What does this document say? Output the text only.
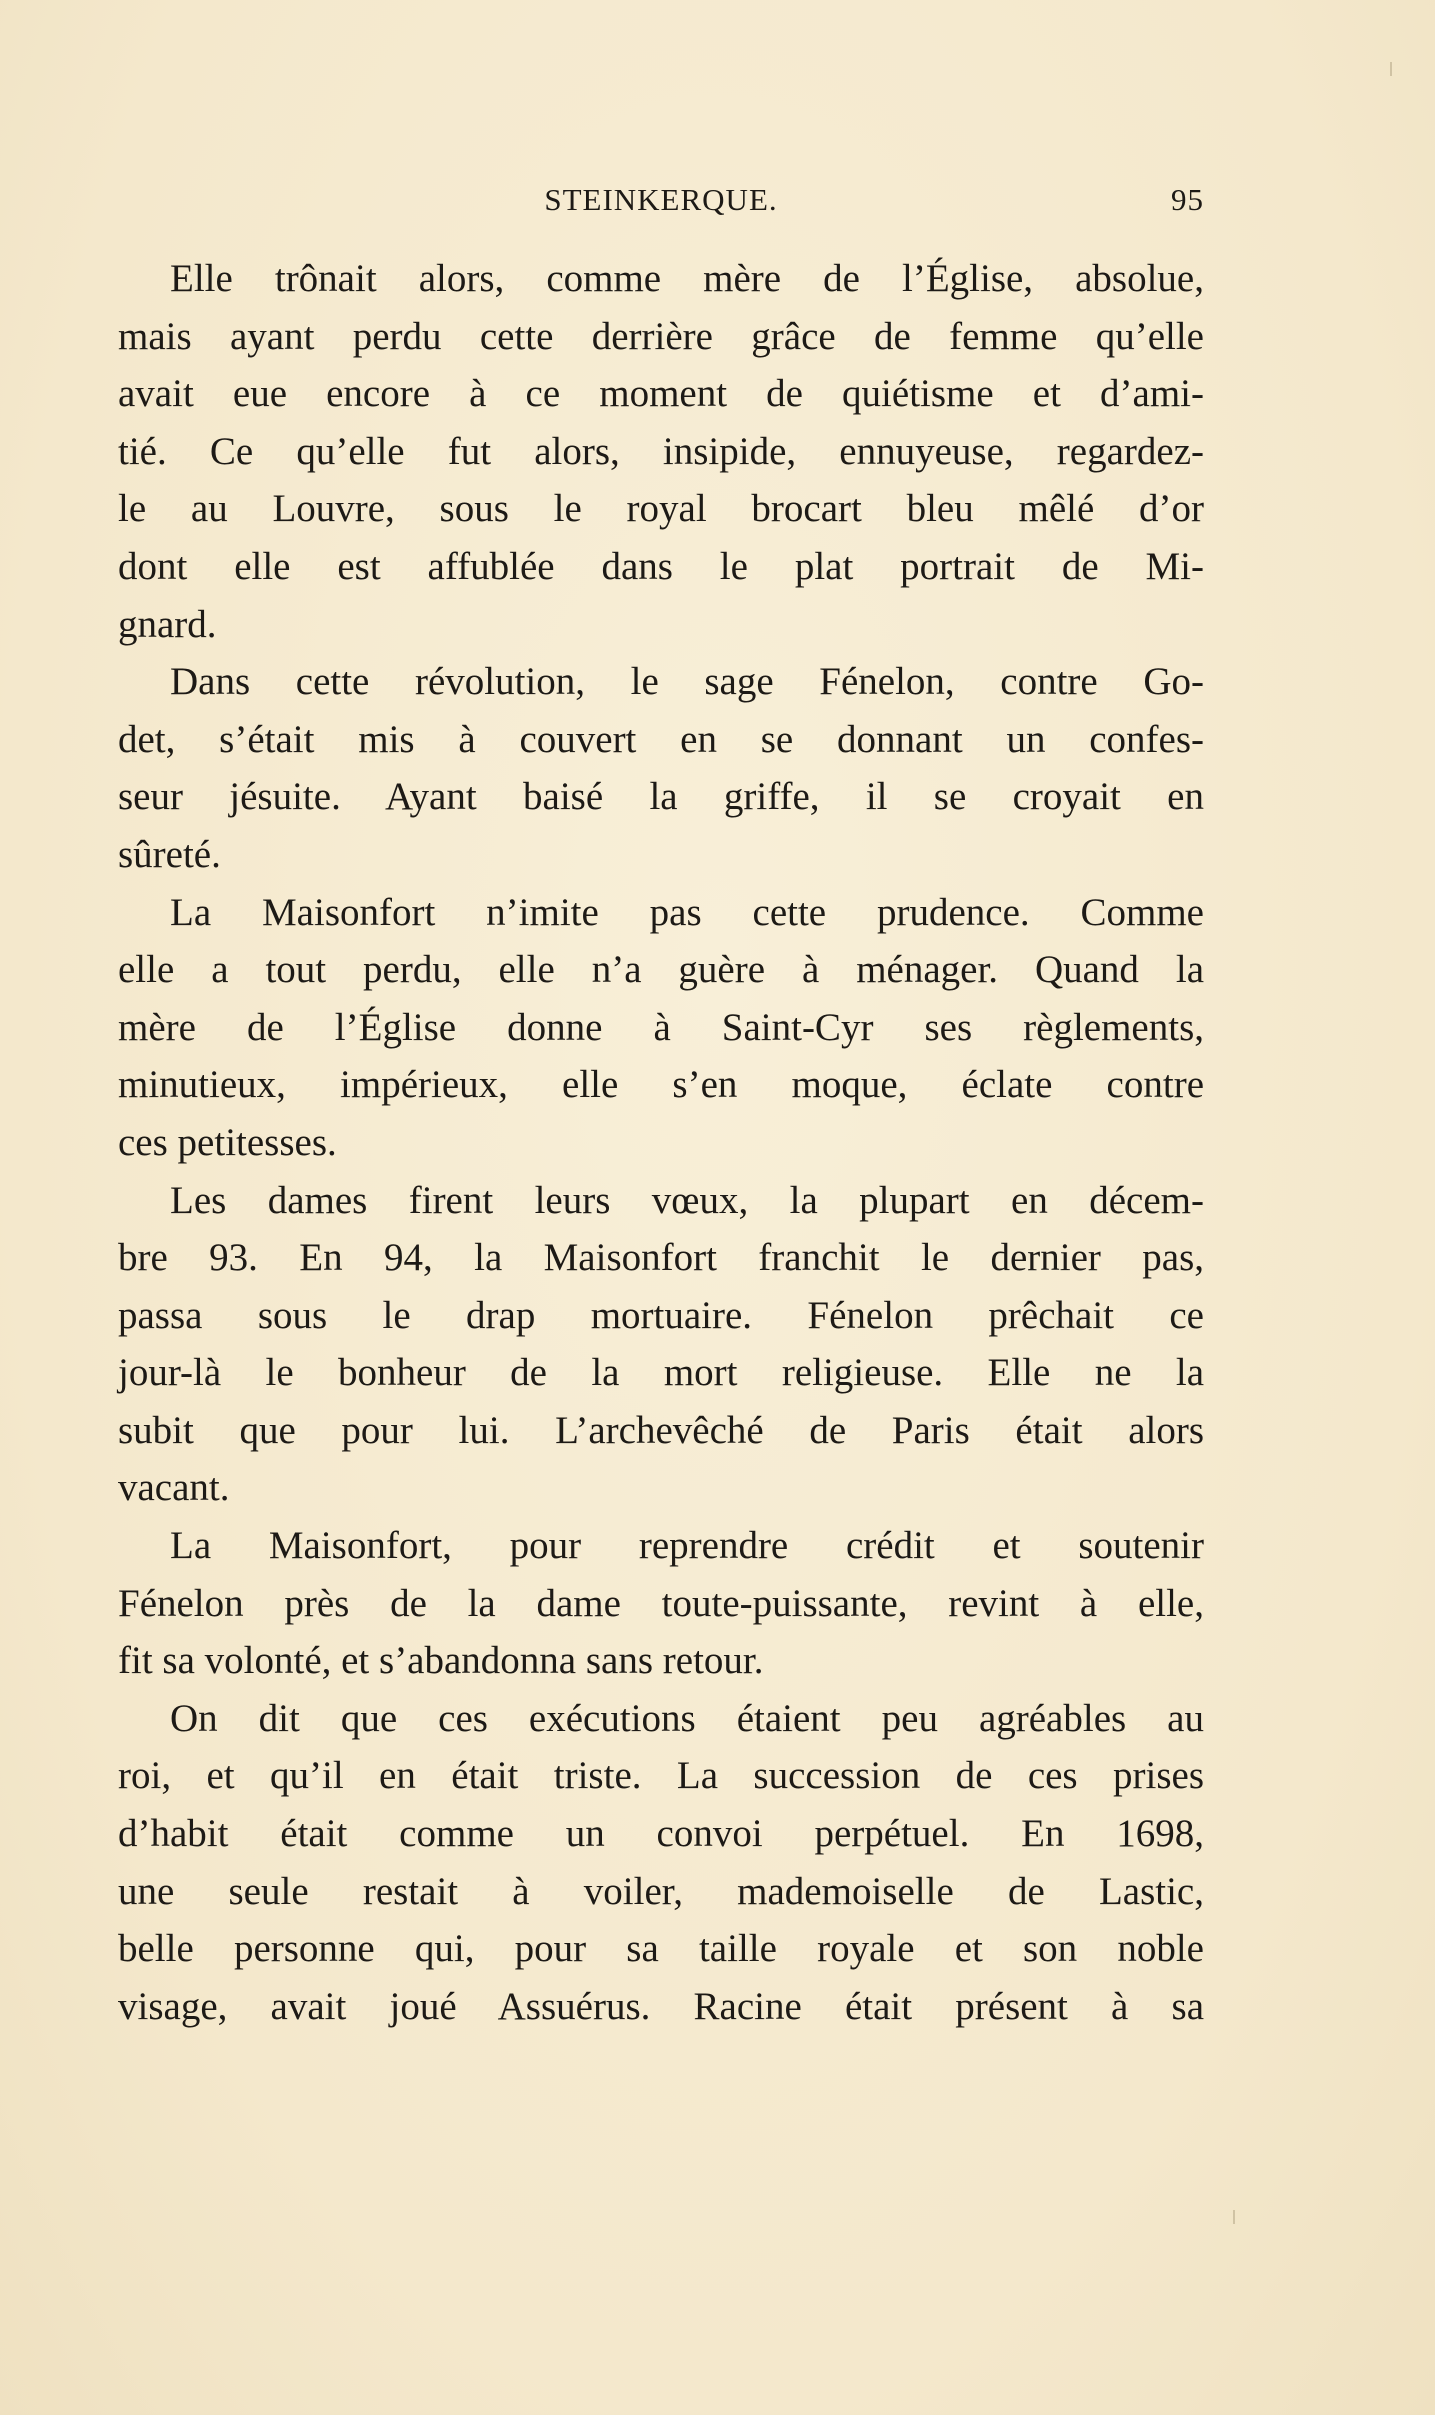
STEINKERQUE.	95
Elle trônait alors, comme mère de l’Église, absolue,
mais ayant perdu cette derrière grâce de femme qu’elle
avait eue encore à ce moment de quiétisme et d’ami-
tié. Ce qu’elle fut alors, insipide, ennuyeuse, regardez-
le au Louvre, sous le royal brocart bleu mêlé d’or
dont elle est affublée dans le plat portrait de Mi-
gnard.
Dans cette révolution, le sage Fénelon, contre Go-
det, s’était mis à couvert en se donnant un confes-
seur jésuite. Ayant baisé la griffe, il se croyait en
sûreté.
La Maisonfort n’imite pas cette prudence. Comme
elle a tout perdu, elle n’a guère à ménager. Quand la
mère de l’Église donne à Saint-Cyr ses règlements,
minutieux, impérieux, elle s’en moque, éclate contre
ces petitesses.
Les dames firent leurs vœux, la plupart en décem-
bre 93. En 94, la Maisonfort franchit le dernier pas,
passa sous le drap mortuaire. Fénelon prêchait ce
jour-là le bonheur de la mort religieuse. Elle ne la
subit que pour lui. L’archevêché de Paris était alors
vacant.
La Maisonfort, pour reprendre crédit et soutenir
Fénelon près de la dame toute-puissante, revint à elle,
fit sa volonté, et s’abandonna sans retour.
On dit que ces exécutions étaient peu agréables au
roi, et qu’il en était triste. La succession de ces prises
d’habit était comme un convoi perpétuel. En 1698,
une seule restait à voiler, mademoiselle de Lastic,
belle personne qui, pour sa taille royale et son noble
visage, avait joué Assuérus. Racine était présent à sa
